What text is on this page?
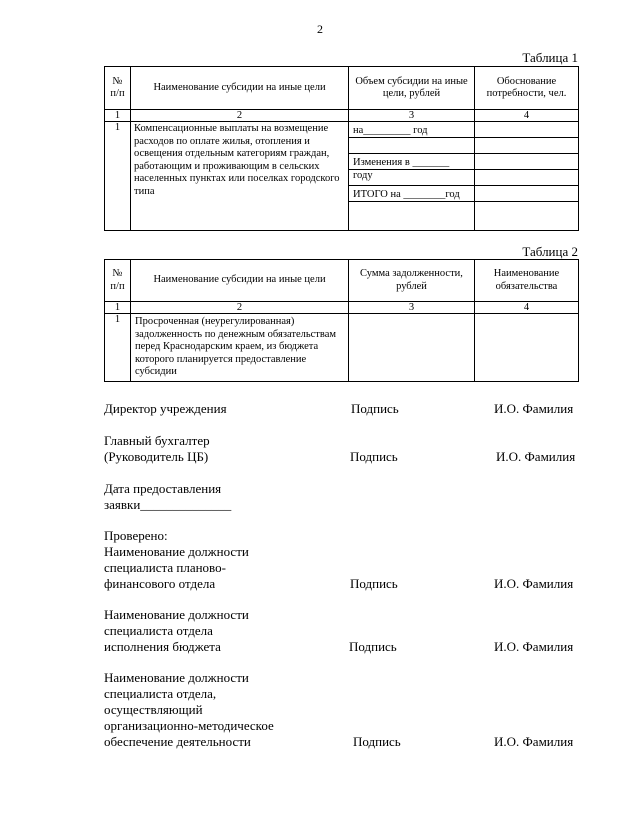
2
Таблица 1
№ п/п	Наименование субсидии на иные цели	Объем субсидии на иные цели, рублей	Обоснование потребности, чел.
1	2	3	4
1	Компенсационные выплаты на возмещение расходов по оплате жилья, отопления и освещения отдельным категориям граждан, работающим и проживающим в сельских населенных пунктах или поселках городского типа	на_________ год
Изменения в _______ году
ИТОГО на ________год	

Таблица 2
№ п/п	Наименование субсидии на иные цели	Сумма задолженности, рублей	Наименование обязательства
1	2	3	4
1	Просроченная (неурегулированная) задолженность по денежным обязательствам перед Краснодарским краем, из бюджета которого планируется предоставление субсидии		
Директор учреждения	Подпись	И.О. Фамилия
Главный бухгалтер
(Руководитель ЦБ)	Подпись	И.О. Фамилия
Дата предоставления
заявки______________
Проверено:
Наименование должности
специалиста планово-
финансового отдела	Подпись	И.О. Фамилия
Наименование должности
специалиста отдела
исполнения бюджета	Подпись	И.О. Фамилия
Наименование должности
специалиста отдела,
осуществляющий
организационно-методическое
обеспечение деятельности	Подпись	И.О. Фамилия
